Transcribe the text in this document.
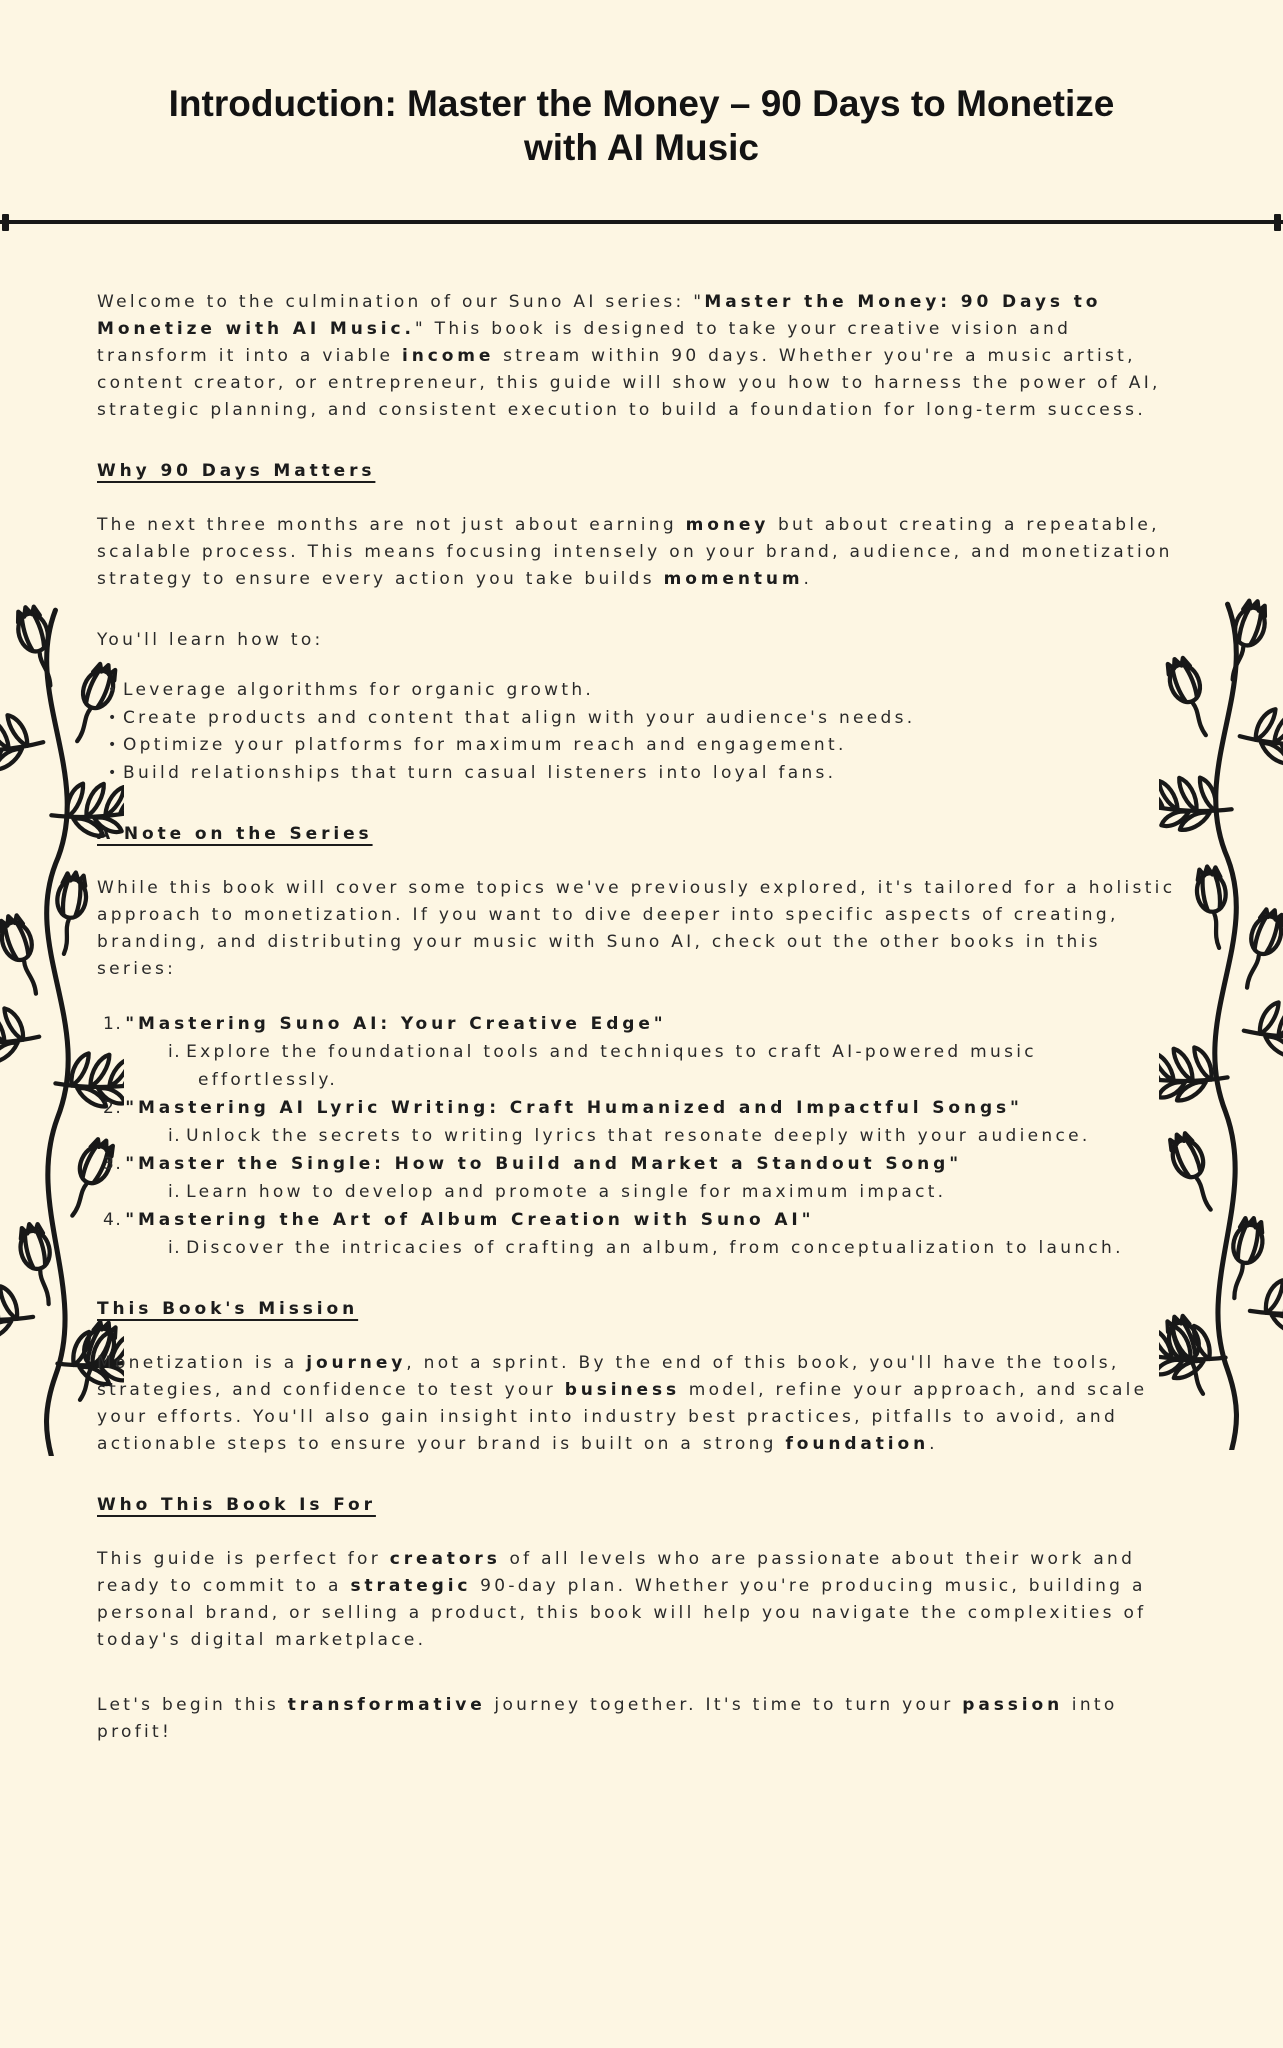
Introduction: Master the Money – 90 Days to Monetize with AI Music

Welcome to the culmination of our Suno AI series: "Master the Money: 90 Days to Monetize with AI Music." This book is designed to take your creative vision and transform it into a viable income stream within 90 days. Whether you're a music artist, content creator, or entrepreneur, this guide will show you how to harness the power of AI, strategic planning, and consistent execution to build a foundation for long-term success.

Why 90 Days Matters

The next three months are not just about earning money but about creating a repeatable, scalable process. This means focusing intensely on your brand, audience, and monetization strategy to ensure every action you take builds momentum.

You'll learn how to:

• Leverage algorithms for organic growth.
• Create products and content that align with your audience's needs.
• Optimize your platforms for maximum reach and engagement.
• Build relationships that turn casual listeners into loyal fans.
A Note on the Series

While this book will cover some topics we've previously explored, it's tailored for a holistic approach to monetization. If you want to dive deeper into specific aspects of creating, branding, and distributing your music with Suno AI, check out the other books in this series:

1. "Mastering Suno AI: Your Creative Edge"
i. Explore the foundational tools and techniques to craft AI-powered music effortlessly.
2. "Mastering AI Lyric Writing: Craft Humanized and Impactful Songs"
i. Unlock the secrets to writing lyrics that resonate deeply with your audience.
3. "Master the Single: How to Build and Market a Standout Song"
i. Learn how to develop and promote a single for maximum impact.
4. "Mastering the Art of Album Creation with Suno AI"
i. Discover the intricacies of crafting an album, from conceptualization to launch.
This Book's Mission

Monetization is a journey, not a sprint. By the end of this book, you'll have the tools, strategies, and confidence to test your business model, refine your approach, and scale your efforts. You'll also gain insight into industry best practices, pitfalls to avoid, and actionable steps to ensure your brand is built on a strong foundation.

Who This Book Is For

This guide is perfect for creators of all levels who are passionate about their work and ready to commit to a strategic 90-day plan. Whether you're producing music, building a personal brand, or selling a product, this book will help you navigate the complexities of today's digital marketplace.

Let's begin this transformative journey together. It's time to turn your passion into profit!
